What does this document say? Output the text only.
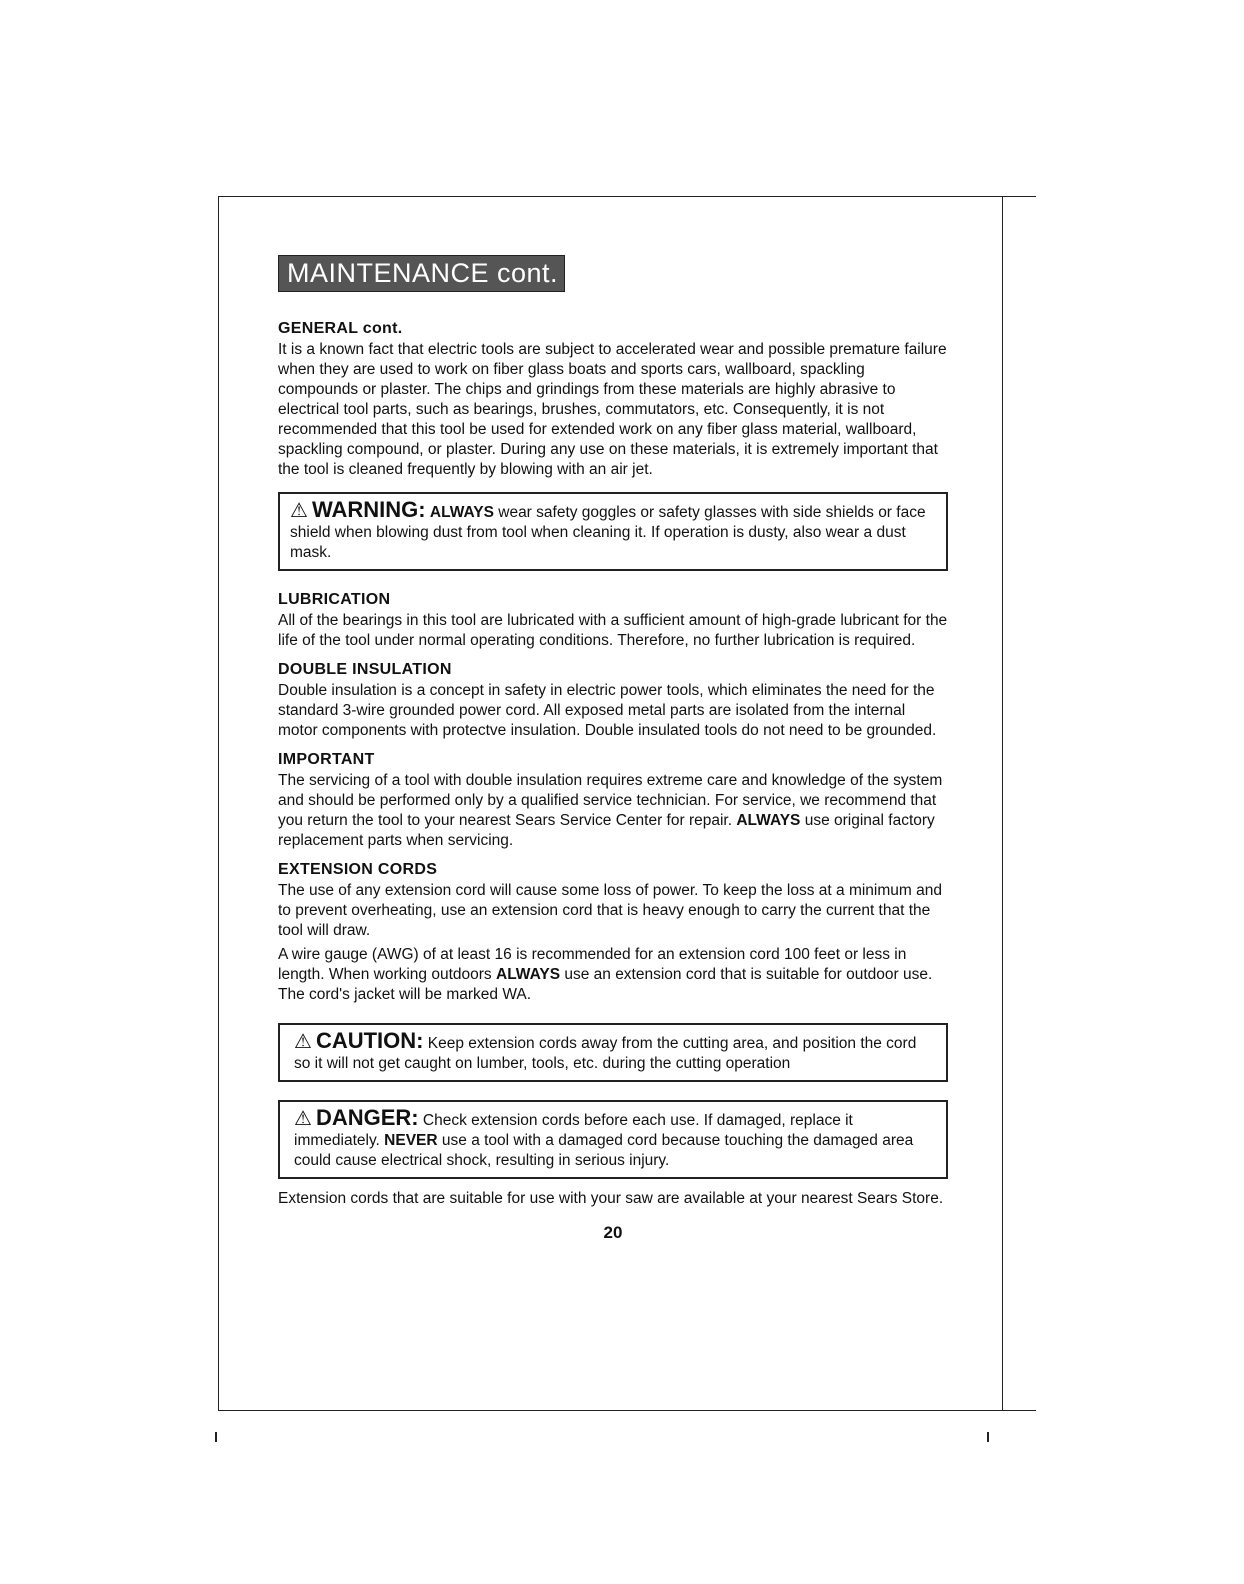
MAINTENANCE cont.

GENERAL cont.

It is a known fact that electric tools are subject to accelerated wear and possible premature failure when they are used to work on fiber glass boats and sports cars, wallboard, spackling compounds or plaster. The chips and grindings from these materials are highly abrasive to electrical tool parts, such as bearings, brushes, commutators, etc. Consequently, it is not recommended that this tool be used for extended work on any fiber glass material, wallboard, spackling compound, or plaster. During any use on these materials, it is extremely important that the tool is cleaned frequently by blowing with an air jet.

⚠ WARNING: ALWAYS wear safety goggles or safety glasses with side shields or face shield when blowing dust from tool when cleaning it. If operation is dusty, also wear a dust mask.

LUBRICATION

All of the bearings in this tool are lubricated with a sufficient amount of high-grade lubricant for the life of the tool under normal operating conditions. Therefore, no further lubrication is required.

DOUBLE INSULATION

Double insulation is a concept in safety in electric power tools, which eliminates the need for the standard 3-wire grounded power cord. All exposed metal parts are isolated from the internal motor components with protectve insulation. Double insulated tools do not need to be grounded.

IMPORTANT

The servicing of a tool with double insulation requires extreme care and knowledge of the system and should be performed only by a qualified service technician. For service, we recommend that you return the tool to your nearest Sears Service Center for repair. ALWAYS use original factory replacement parts when servicing.

EXTENSION CORDS

The use of any extension cord will cause some loss of power. To keep the loss at a minimum and to prevent overheating, use an extension cord that is heavy enough to carry the current that the tool will draw.

A wire gauge (AWG) of at least 16 is recommended for an extension cord 100 feet or less in length. When working outdoors ALWAYS use an extension cord that is suitable for outdoor use. The cord's jacket will be marked WA.

⚠ CAUTION: Keep extension cords away from the cutting area, and position the cord so it will not get caught on lumber, tools, etc. during the cutting operation
⚠ DANGER: Check extension cords before each use. If damaged, replace it immediately. NEVER use a tool with a damaged cord because touching the damaged area could cause electrical shock, resulting in serious injury.

Extension cords that are suitable for use with your saw are available at your nearest Sears Store.

20
